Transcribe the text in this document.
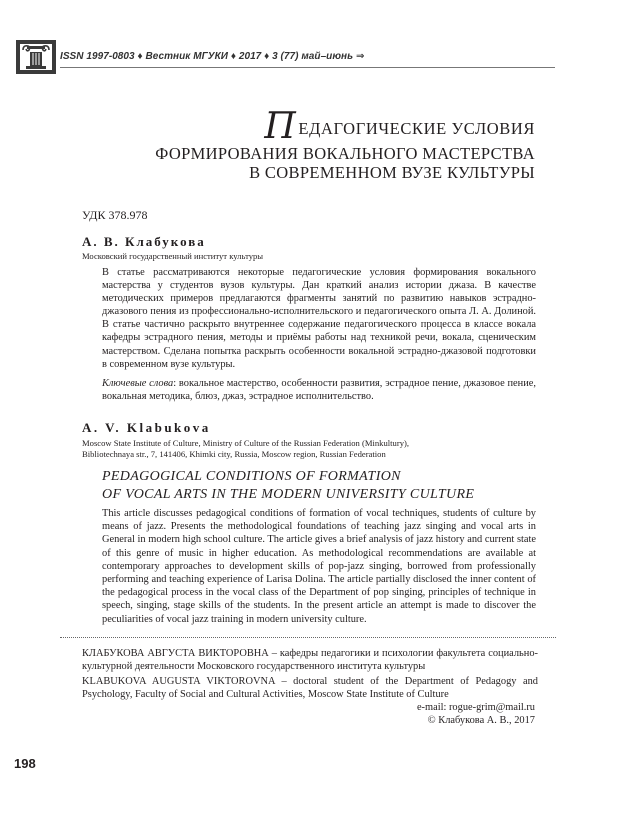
ISSN 1997-0803 ♦ Вестник МГУКИ ♦ 2017 ♦ 3 (77) май–июнь ⇒
ПЕДАГОГИЧЕСКИЕ УСЛОВИЯ
ФОРМИРОВАНИЯ ВОКАЛЬНОГО МАСТЕРСТВА
В СОВРЕМЕННОМ ВУЗЕ КУЛЬТУРЫ
УДК 378.978
А. В. Клабукова
Московский государственный институт культуры

В статье рассматриваются некоторые педагогические условия формирования вокального мастерства у студентов вузов культуры. Дан краткий анализ истории джаза. В качестве методических примеров предлагаются фрагменты занятий по развитию навыков эстрадно-джазового пения из профессионально-исполнительского и педагогического опыта Л. А. Долиной. В статье частично раскрыто внутреннее содержание педагогического процесса в классе вокала кафедры эстрадного пения, методы и приёмы работы над техникой речи, вокала, сценическим мастерством. Сделана попытка раскрыть особенности вокальной эстрадно-джазовой подготовки в современном вузе культуры.

Ключевые слова: вокальное мастерство, особенности развития, эстрадное пение, джазовое пение, вокальная методика, блюз, джаз, эстрадное исполнительство.

A. V. Klabukova
Moscow State Institute of Culture, Ministry of Culture of the Russian Federation (Minkultury),
Bibliotechnaya str., 7, 141406, Khimki city, Russia, Moscow region, Russian Federation
PEDAGOGICAL CONDITIONS OF FORMATION
OF VOCAL ARTS IN THE MODERN UNIVERSITY CULTURE

This article discusses pedagogical conditions of formation of vocal techniques, students of culture by means of jazz. Presents the methodological foundations of teaching jazz singing and vocal arts in General in modern high school culture. The article gives a brief analysis of jazz history and current state of this genre of music in higher education. As methodological recommendations are available at contemporary approaches to development skills of pop-jazz singing, borrowed from professionally performing and teaching experience of Larisa Dolina. The article partially disclosed the inner content of the pedagogical process in the vocal class of the Department of pop singing, principles of technique in speech, singing, stage skills of the students. In the present article an attempt is made to discover the peculiarities of vocal jazz training in modern university culture.

КЛАБУКОВА АВГУСТА ВИКТОРОВНА – кафедры педагогики и психологии факультета социально-культурной деятельности Московского государственного института культуры
KLABUKOVA AUGUSTA VIKTOROVNA – doctoral student of the Department of Pedagogy and Psychology, Faculty of Social and Cultural Activities, Moscow State Institute of Culture
e-mail: rogue-grim@mail.ru
© Клабукова А. В., 2017
198
